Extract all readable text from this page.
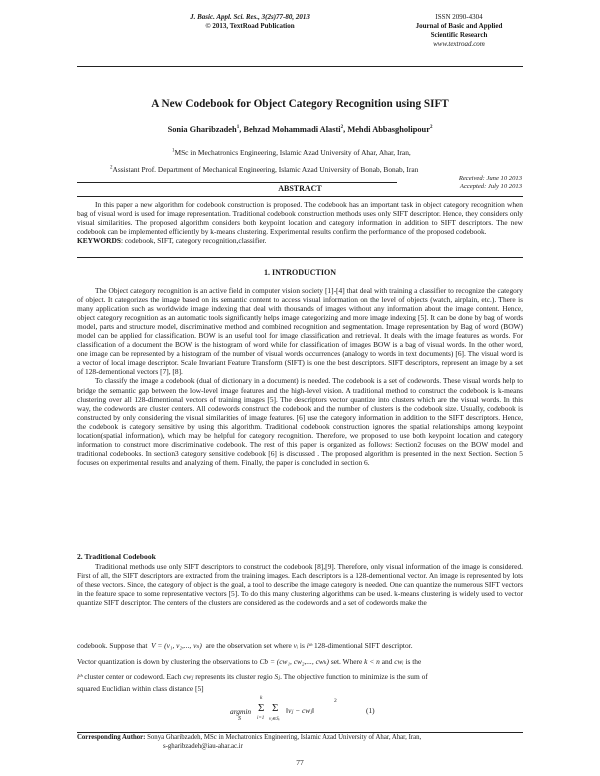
J. Basic. Appl. Sci. Res., 3(2s)77-80, 2013
© 2013, TextRoad Publication
ISSN 2090-4304
Journal of Basic and Applied
Scientific Research
www.textroad.com
A New Codebook for Object Category Recognition using SIFT
Sonia Gharibzadeh$^1$, Behzad Mohammadi Alasti$^2$, Mehdi Abbasgholipour$^2$
$^1$MSc in Mechatronics Engineering, Islamic Azad University of Ahar, Ahar, Iran,
$^2$Assistant Prof. Department of Mechanical Engineering, Islamic Azad University of Bonab, Bonab, Iran
Received: June 10 2013
Accepted: July 10 2013
ABSTRACT

In this paper a new algorithm for codebook construction is proposed. The codebook has an important task in object category recognition when bag of visual word is used for image representation. Traditional codebook construction methods uses only SIFT descriptor. Hence, they considers only visual similarities. The proposed algorithm considers both keypoint location and category information in addition to SIFT descriptors. The new codebook can be implemented efficiently by k-means clustering. Experimental results confirm the performance of the proposed codebook.

KEYWORDS: codebook, SIFT, category recognition,classifier.

1. INTRODUCTION

The Object category recognition is an active field in computer vision society [1]-[4] that deal with training a classifier to recognize the category of object. It categorizes the image based on its semantic content to access visual information on the level of objects (watch, airplain, etc.). There is many application such as worldwide image indexing that deal with thousands of images without any information about the image content. Hence, object category recognition as an automatic tools significantly helps image categorizing and more image indexing [5]. It can be done by bag of words model, parts and structure model, discriminative method and combined recognition and segmentation. Image representation by Bag of word (BOW) model can be applied for classification. BOW is an useful tool for image classification and retrieval. It deals with the image features as words. For classification of a document the BOW is the histogram of word while for classification of images BOW is a bag of visual words. In the other word, one image can be represented by a histogram of the number of visual words occurrences (analogy to words in text documents) [6]. The visual word is a vector of local image descriptor. Scale Invariant Feature Transform (SIFT) is one the best descriptors. SIFT descriptors, represent an image by a set of 128-dementional vectors [7], [8].

To classify the image a codebook (dual of dictionary in a document) is needed. The codebook is a set of codewords. These visual words help to bridge the semantic gap between the low-level image features and the high-level vision. A traditional method to construct the codebook is k-means clustering over all 128-dimentional vectors of training images [5]. The descriptors vector quantize into clusters which are the visual words. In this way, the codewords are cluster centers. All codewords construct the codebook and the number of clusters is the codebook size. Usually, codebook is constructed by only considering the visual similarities of image features. [6] use the category information in addition to the SIFT descriptors. Hence, the codebook is category sensitive by using this algorithm. Traditional codebook construction ignores the spatial relationships among keypoint location(spatial information), which may be helpful for category recognition. Therefore, we proposed to use both keypoint location and category information to construct more discriminative codebook. The rest of this paper is organized as follows: Section2 focuses on the BOW model and traditional codebooks. In section3 category sensitive codebook [6] is discussed . The proposed algorithm is presented in the next Section. Section 5 focuses on experimental results and analyzing of them. Finally, the paper is concluded in section 6.

2. Traditional Codebook

Traditional methods use only SIFT descriptors to construct the codebook [8],[9]. Therefore, only visual information of the image is considered. First of all, the SIFT descriptors are extracted from the training images. Each descriptors is a 128-dementional vector. An image is represented by lots of these vectors. Since, the category of object is the goal, a tool to describe the image category is needed. One can quantize the numerous SIFT vectors in the feature space to some representative vectors [5]. To do this many clustering algorithms can be used. k-means clustering is widely used to vector quantize SIFT descriptor. The centers of the clusters are considered as the codewords and a set of codewords make the

codebook. Suppose that V = (v₁, v₂,..., vₙ) are the observation set where vᵢ is iᵗʰ 128-dimentional SIFT descriptor.
Vector quantization is down by clustering the observations to Cb = (cw₁, cw₂,..., cwₖ) set. Where k < n and cwᵢ is the
iᵗʰ cluster center or codeword. Each cwⱼ represents its cluster regio Sⱼ. The objective function to minimize is the sum of
squared Euclidian within class distance [5]
argmin
S
k
Σ
i=1
Σ
vⱼ∈Sᵢ
‖vⱼ − cwⱼ‖
2
(1)
Corresponding Author: Sonya Gharibzadeh, MSc in Mechatronics Engineering, Islamic Azad University of Ahar, Ahar, Iran,
s-gharibzadeh@iau-ahar.ac.ir
77
